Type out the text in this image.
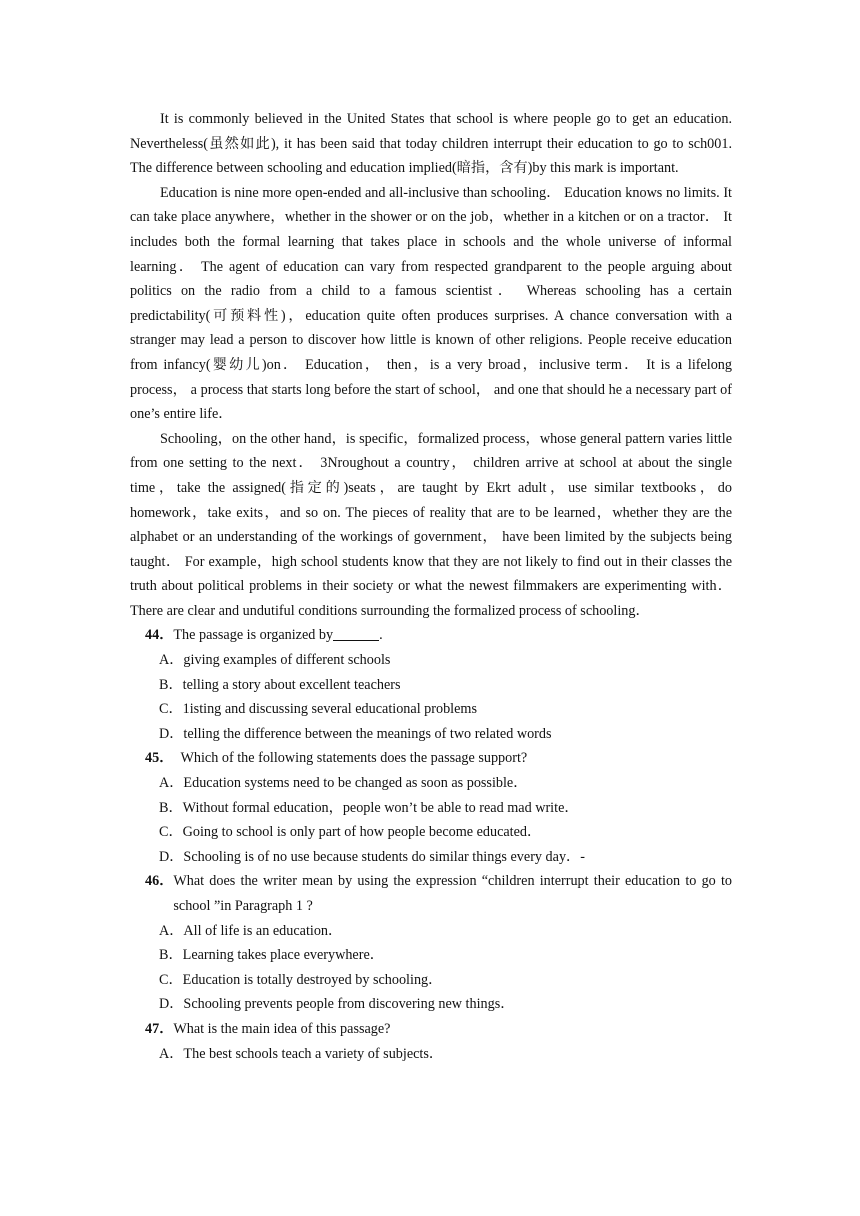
It is commonly believed in the United States that school is where people go to get an education. Nevertheless(虽然如此), it has been said that today children interrupt their education to go to sch001. The difference between schooling and education implied(暗指，含有)by this mark is important.

Education is nine more open-ended and all-inclusive than schooling． Education knows no limits. It can take place anywhere，whether in the shower or on the job，whether in a kitchen or on a tractor． It includes both the formal learning that takes place in schools and the whole universe of informal learning． The agent of education can vary from respected grandparent to the people arguing about politics on the radio from a child to a famous scientist． Whereas schooling has a certain predictability(可预料性)，education quite often produces surprises. A chance conversation with a stranger may lead a person to discover how little is known of other religions. People receive education from infancy(婴幼儿)on． Education， then，is a very broad，inclusive term． It is a lifelong process， a process that starts long before the start of school， and one that should he a necessary part of one’s entire life．

Schooling，on the other hand，is specific，formalized process，whose general pattern varies little from one setting to the next． 3Nroughout a country， children arrive at school at about the single time，take the assigned(指定的)seats，are taught by Ekrt adult，use similar textbooks，do homework，take exits，and so on. The pieces of reality that are to be learned，whether they are the alphabet or an understanding of the workings of government， have been limited by the subjects being taught． For example，high school students know that they are not likely to find out in their classes the truth about political problems in their society or what the newest filmmakers are experimenting with． There are clear and undutiful conditions surrounding the formalized process of schooling．

44． The passage is organized by	.

A．giving examples of different schools

B．telling a story about excellent teachers

C．1isting and discussing several educational problems

D．telling the difference between the meanings of two related words

45． Which of the following statements does the passage support?

A．Education systems need to be changed as soon as possible．

B．Without formal education，people won’t be able to read mad write．

C．Going to school is only part of how people become educated．

D．Schooling is of no use because students do similar things every day．-

46． What does the writer mean by using the expression “children interrupt their education to go to school ”in Paragraph 1 ?

A．All of life is an education．

B．Learning takes place everywhere．

C．Education is totally destroyed by schooling．

D．Schooling prevents people from discovering new things．

47． What is the main idea of this passage?

A．The best schools teach a variety of subjects．
